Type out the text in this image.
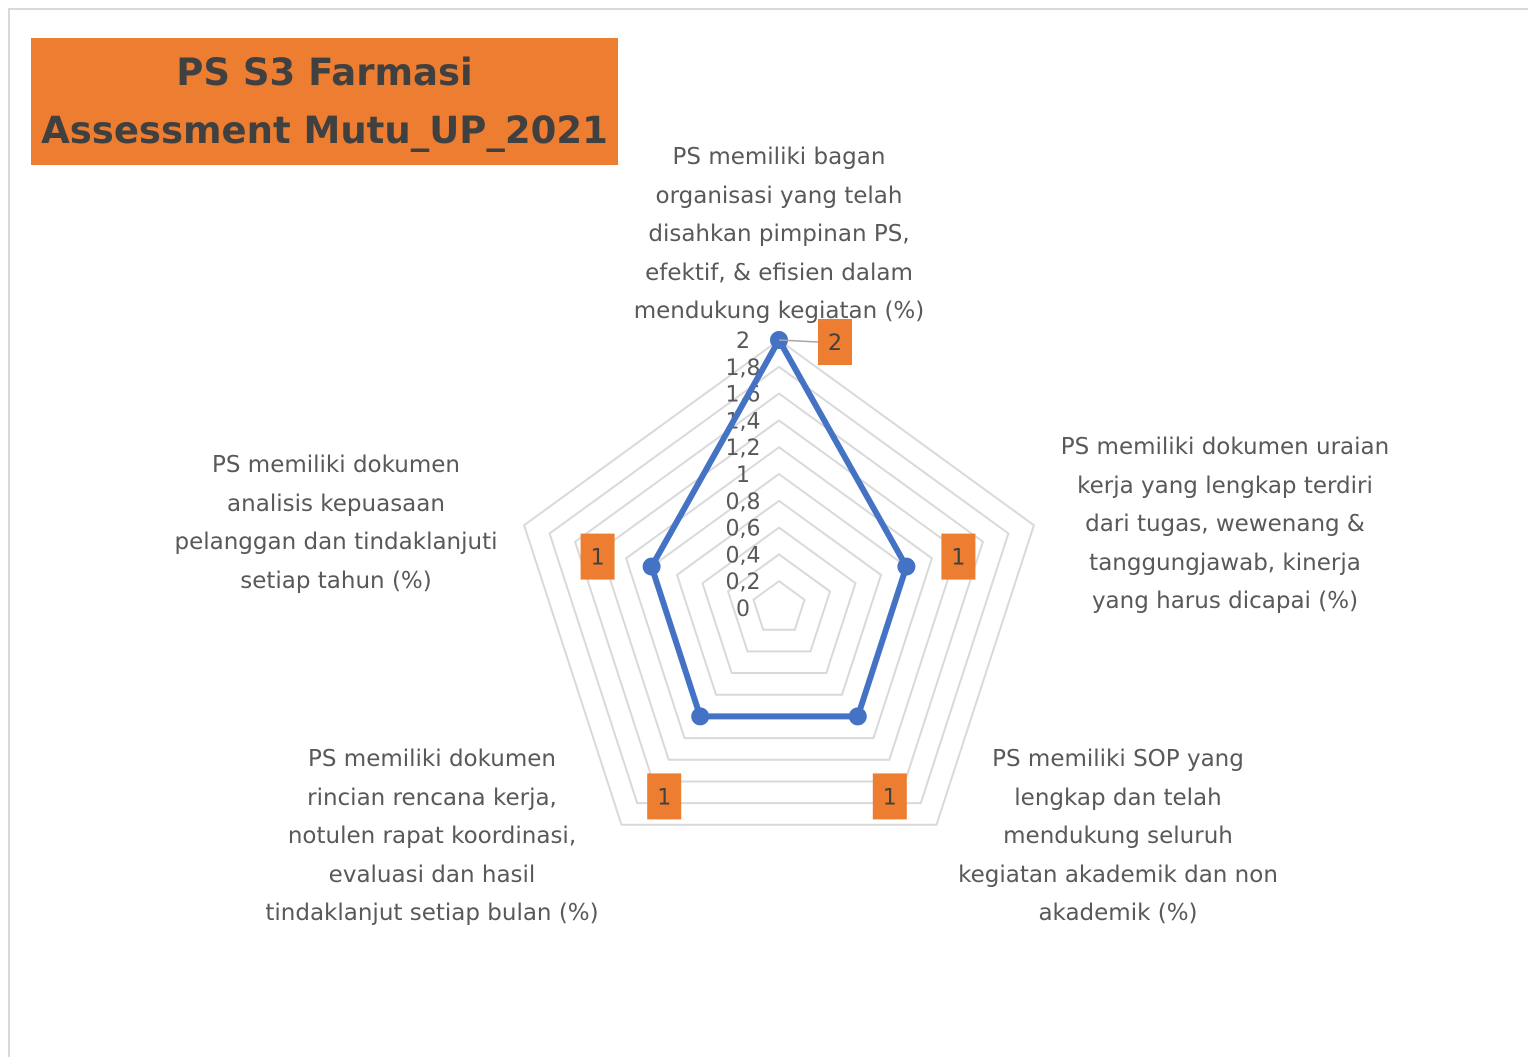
PS S3 Farmasi
Assessment Mutu_UP_2021
0
0,2
0,4
0,6
0,8
1
1,2
1,4
1,6
1,8
2	2
1
1
1
1
PS memiliki bagan
organisasi yang telah
disahkan pimpinan PS,
efektif, & efisien dalam
mendukung kegiatan (%)
PS memiliki dokumen uraian
kerja yang lengkap terdiri
dari tugas, wewenang &
tanggungjawab, kinerja
yang harus dicapai (%)
PS memiliki SOP yang
lengkap dan telah
mendukung seluruh
kegiatan akademik dan non
akademik (%)
PS memiliki dokumen
rincian rencana kerja,
notulen rapat koordinasi,
evaluasi dan hasil
tindaklanjut setiap bulan (%)
PS memiliki dokumen
analisis kepuasaan
pelanggan dan tindaklanjuti
setiap tahun (%)
